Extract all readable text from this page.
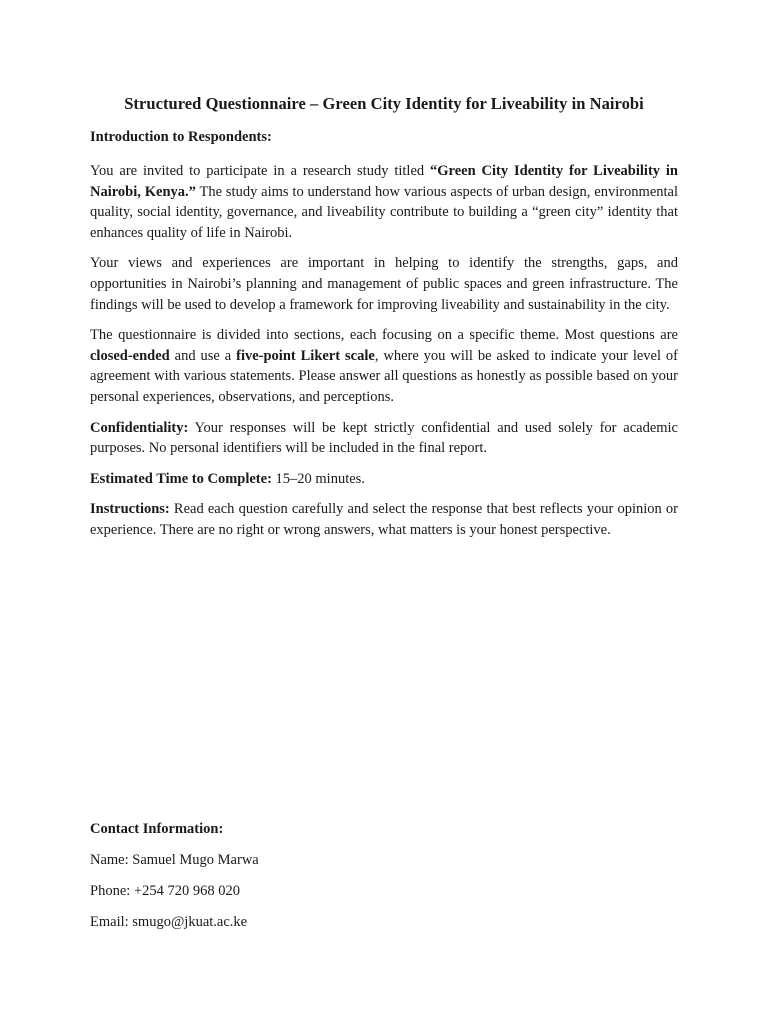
Structured Questionnaire – Green City Identity for Liveability in Nairobi
Introduction to Respondents:

You are invited to participate in a research study titled “Green City Identity for Liveability in Nairobi, Kenya.” The study aims to understand how various aspects of urban design, environmental quality, social identity, governance, and liveability contribute to building a “green city” identity that enhances quality of life in Nairobi.

Your views and experiences are important in helping to identify the strengths, gaps, and opportunities in Nairobi’s planning and management of public spaces and green infrastructure. The findings will be used to develop a framework for improving liveability and sustainability in the city.

The questionnaire is divided into sections, each focusing on a specific theme. Most questions are closed-ended and use a five-point Likert scale, where you will be asked to indicate your level of agreement with various statements. Please answer all questions as honestly as possible based on your personal experiences, observations, and perceptions.

Confidentiality: Your responses will be kept strictly confidential and used solely for academic purposes. No personal identifiers will be included in the final report.

Estimated Time to Complete: 15–20 minutes.

Instructions: Read each question carefully and select the response that best reflects your opinion or experience. There are no right or wrong answers, what matters is your honest perspective.

Contact Information:
Name: Samuel Mugo Marwa
Phone: +254 720 968 020
Email: smugo@jkuat.ac.ke
